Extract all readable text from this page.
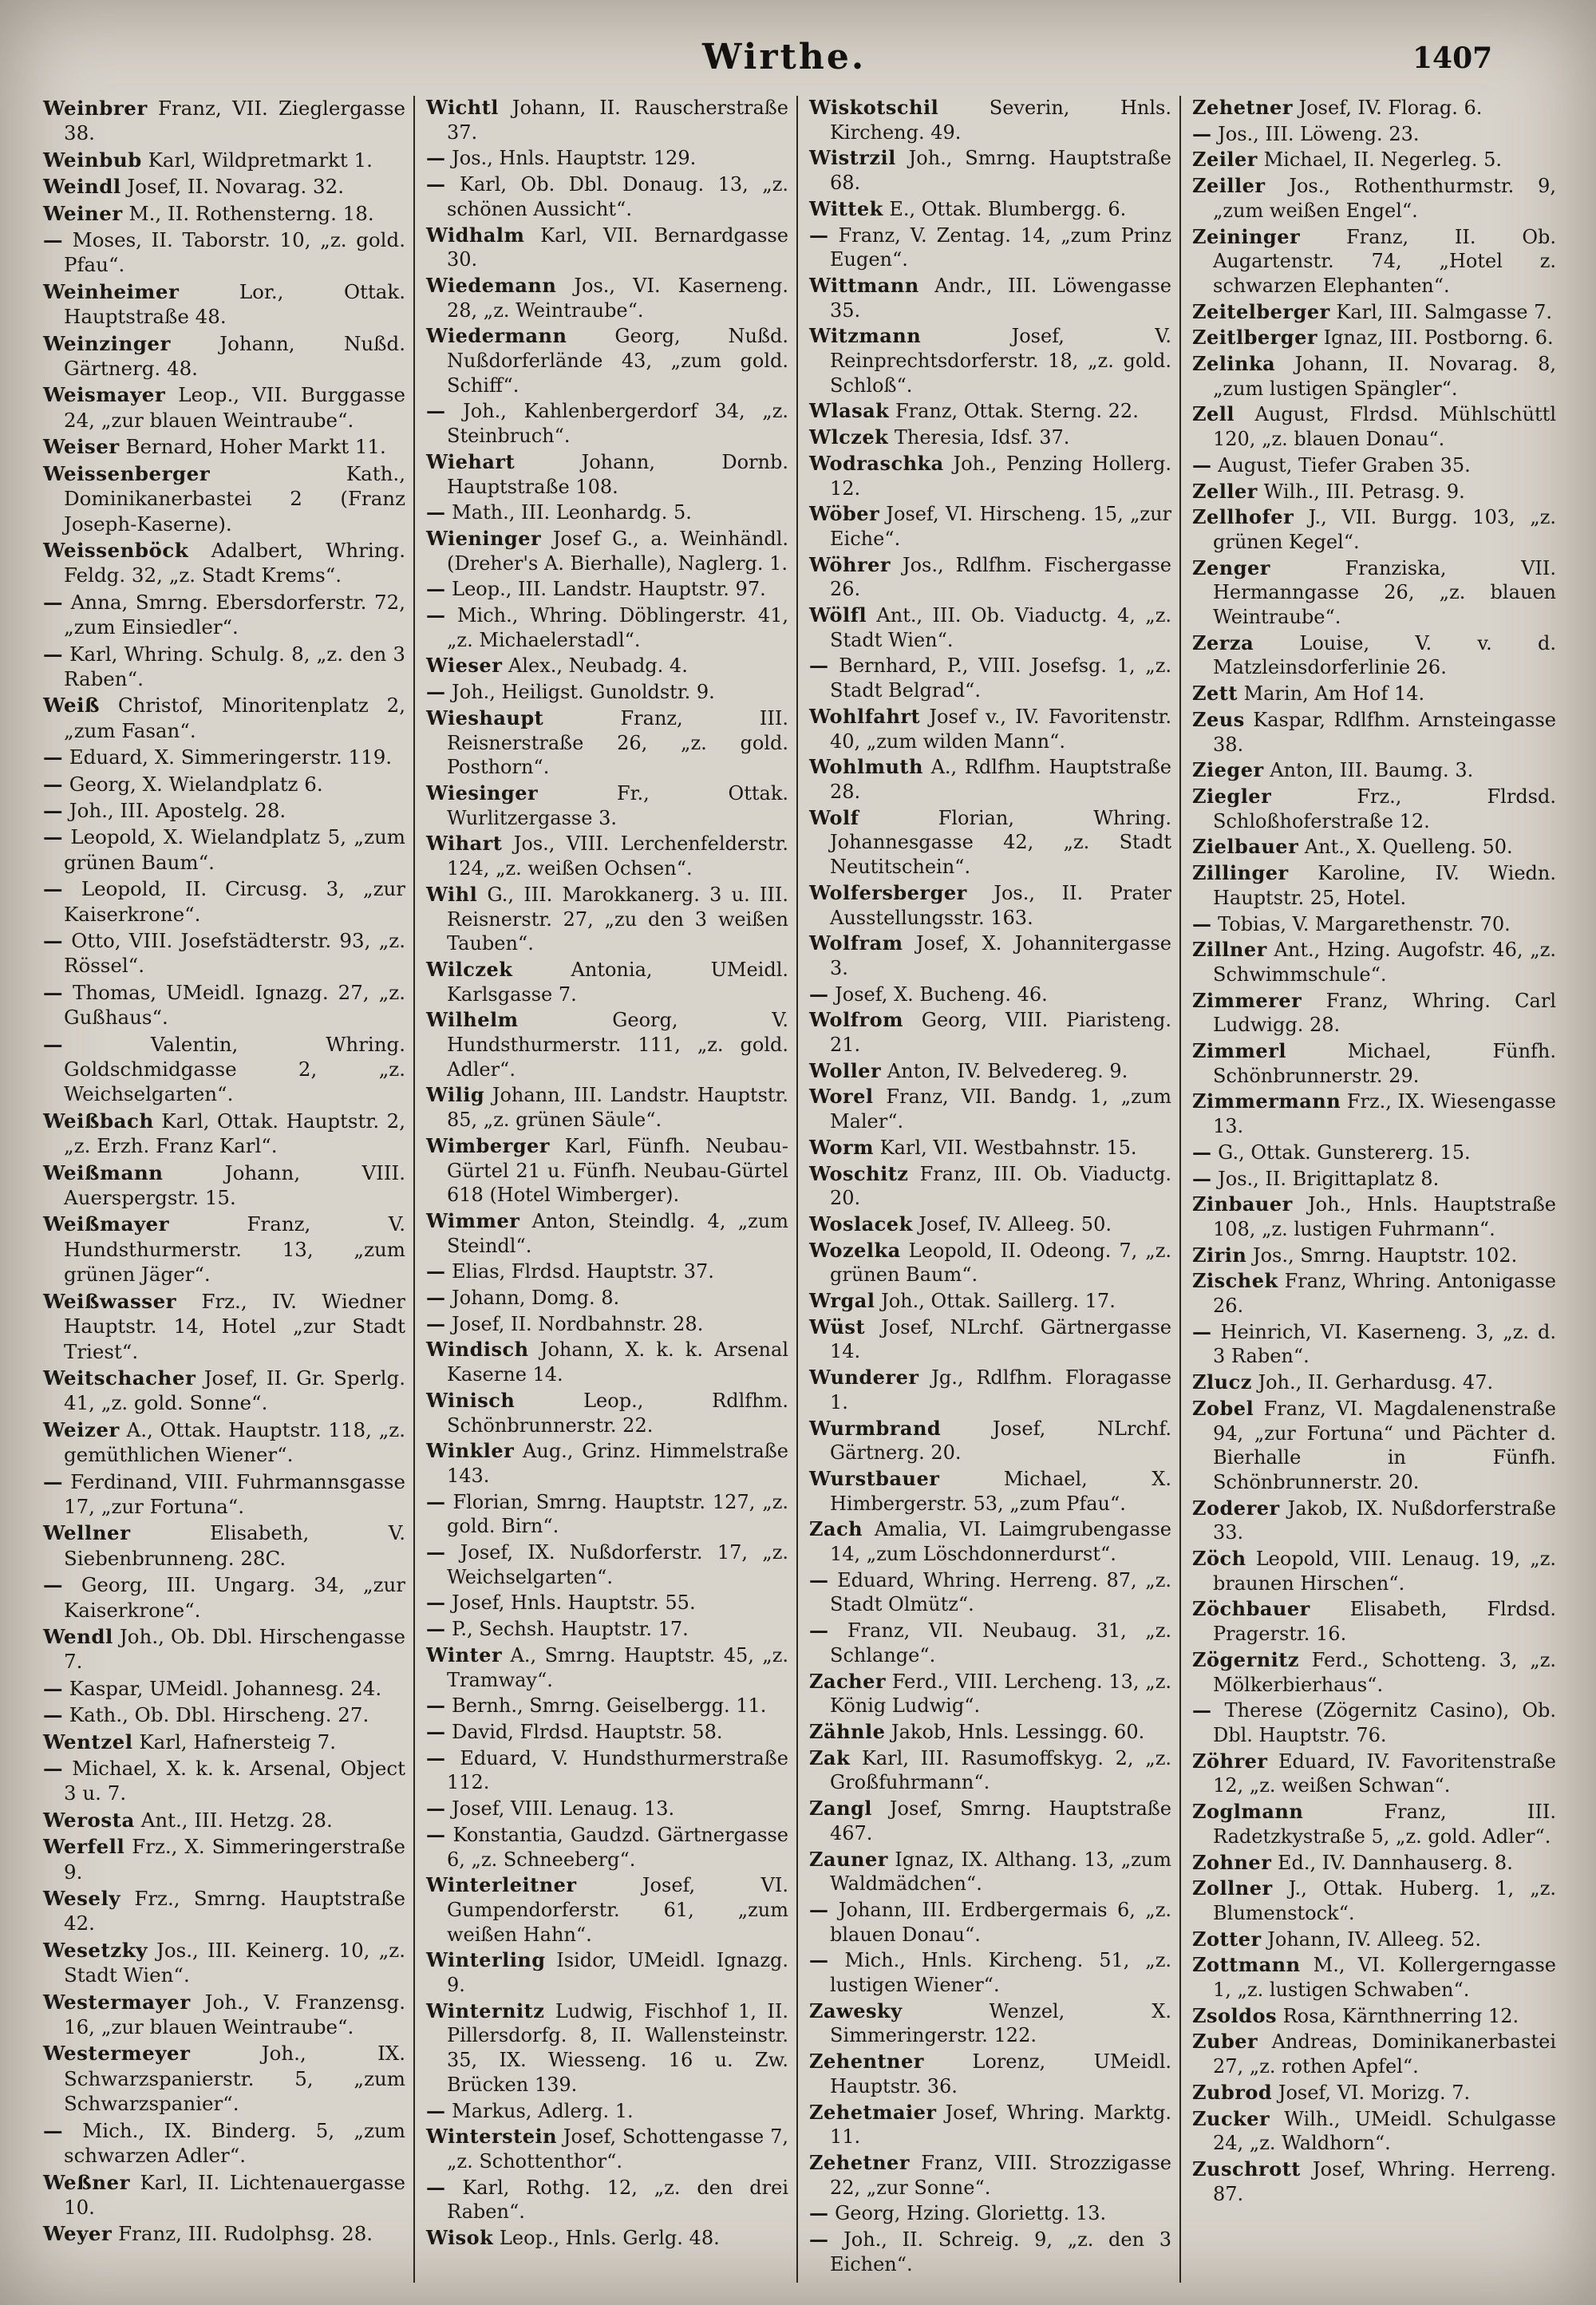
Wirthe.	1407
Weinbrer Franz, VII. Zieglergasse 38.
Weinbub Karl, Wildpretmarkt 1.
Weindl Josef, II. Novarag. 32.
Weiner M., II. Rothensterng. 18.
— Moses, II. Taborstr. 10, „z. gold. Pfau“.
Weinheimer Lor., Ottak. Hauptstraße 48.
Weinzinger Johann, Nußd. Gärtnerg. 48.
Weismayer Leop., VII. Burggasse 24, „zur blauen Weintraube“.
Weiser Bernard, Hoher Markt 11.
Weissenberger Kath., Dominikanerbastei 2 (Franz Joseph-Kaserne).
Weissenböck Adalbert, Whring. Feldg. 32, „z. Stadt Krems“.
— Anna, Smrng. Ebersdorferstr. 72, „zum Einsiedler“.
— Karl, Whring. Schulg. 8, „z. den 3 Raben“.
Weiß Christof, Minoritenplatz 2, „zum Fasan“.
— Eduard, X. Simmeringerstr. 119.
— Georg, X. Wielandplatz 6.
— Joh., III. Apostelg. 28.
— Leopold, X. Wielandplatz 5, „zum grünen Baum“.
— Leopold, II. Circusg. 3, „zur Kaiserkrone“.
— Otto, VIII. Josefstädterstr. 93, „z. Rössel“.
— Thomas, UMeidl. Ignazg. 27, „z. Gußhaus“.
— Valentin, Whring. Goldschmidgasse 2, „z. Weichselgarten“.
Weißbach Karl, Ottak. Hauptstr. 2, „z. Erzh. Franz Karl“.
Weißmann Johann, VIII. Auerspergstr. 15.
Weißmayer Franz, V. Hundsthurmerstr. 13, „zum grünen Jäger“.
Weißwasser Frz., IV. Wiedner Hauptstr. 14, Hotel „zur Stadt Triest“.
Weitschacher Josef, II. Gr. Sperlg. 41, „z. gold. Sonne“.
Weizer A., Ottak. Hauptstr. 118, „z. gemüthlichen Wiener“.
— Ferdinand, VIII. Fuhrmannsgasse 17, „zur Fortuna“.
Wellner Elisabeth, V. Siebenbrunneng. 28C.
— Georg, III. Ungarg. 34, „zur Kaiserkrone“.
Wendl Joh., Ob. Dbl. Hirschengasse 7.
— Kaspar, UMeidl. Johannesg. 24.
— Kath., Ob. Dbl. Hirscheng. 27.
Wentzel Karl, Hafnersteig 7.
— Michael, X. k. k. Arsenal, Object 3 u. 7.
Werosta Ant., III. Hetzg. 28.
Werfell Frz., X. Simmeringerstraße 9.
Wesely Frz., Smrng. Hauptstraße 42.
Wesetzky Jos., III. Keinerg. 10, „z. Stadt Wien“.
Westermayer Joh., V. Franzensg. 16, „zur blauen Weintraube“.
Westermeyer Joh., IX. Schwarzspanierstr. 5, „zum Schwarzspanier“.
— Mich., IX. Binderg. 5, „zum schwarzen Adler“.
Weßner Karl, II. Lichtenauergasse 10.
Weyer Franz, III. Rudolphsg. 28.
Wichtl Johann, II. Rauscherstraße 37.
— Jos., Hnls. Hauptstr. 129.
— Karl, Ob. Dbl. Donaug. 13, „z. schönen Aussicht“.
Widhalm Karl, VII. Bernardgasse 30.
Wiedemann Jos., VI. Kaserneng. 28, „z. Weintraube“.
Wiedermann Georg, Nußd. Nußdorferlände 43, „zum gold. Schiff“.
— Joh., Kahlenbergerdorf 34, „z. Steinbruch“.
Wiehart Johann, Dornb. Hauptstraße 108.
— Math., III. Leonhardg. 5.
Wieninger Josef G., a. Weinhändl. (Dreher's A. Bierhalle), Naglerg. 1.
— Leop., III. Landstr. Hauptstr. 97.
— Mich., Whring. Döblingerstr. 41, „z. Michaelerstadl“.
Wieser Alex., Neubadg. 4.
— Joh., Heiligst. Gunoldstr. 9.
Wieshaupt Franz, III. Reisnerstraße 26, „z. gold. Posthorn“.
Wiesinger Fr., Ottak. Wurlitzergasse 3.
Wihart Jos., VIII. Lerchenfelderstr. 124, „z. weißen Ochsen“.
Wihl G., III. Marokkanerg. 3 u. III. Reisnerstr. 27, „zu den 3 weißen Tauben“.
Wilczek Antonia, UMeidl. Karlsgasse 7.
Wilhelm Georg, V. Hundsthurmerstr. 111, „z. gold. Adler“.
Wilig Johann, III. Landstr. Hauptstr. 85, „z. grünen Säule“.
Wimberger Karl, Fünfh. Neubau-Gürtel 21 u. Fünfh. Neubau-Gürtel 618 (Hotel Wimberger).
Wimmer Anton, Steindlg. 4, „zum Steindl“.
— Elias, Flrdsd. Hauptstr. 37.
— Johann, Domg. 8.
— Josef, II. Nordbahnstr. 28.
Windisch Johann, X. k. k. Arsenal Kaserne 14.
Winisch Leop., Rdlfhm. Schönbrunnerstr. 22.
Winkler Aug., Grinz. Himmelstraße 143.
— Florian, Smrng. Hauptstr. 127, „z. gold. Birn“.
— Josef, IX. Nußdorferstr. 17, „z. Weichselgarten“.
— Josef, Hnls. Hauptstr. 55.
— P., Sechsh. Hauptstr. 17.
Winter A., Smrng. Hauptstr. 45, „z. Tramway“.
— Bernh., Smrng. Geiselbergg. 11.
— David, Flrdsd. Hauptstr. 58.
— Eduard, V. Hundsthurmerstraße 112.
— Josef, VIII. Lenaug. 13.
— Konstantia, Gaudzd. Gärtnergasse 6, „z. Schneeberg“.
Winterleitner Josef, VI. Gumpendorferstr. 61, „zum weißen Hahn“.
Winterling Isidor, UMeidl. Ignazg. 9.
Winternitz Ludwig, Fischhof 1, II. Pillersdorfg. 8, II. Wallensteinstr. 35, IX. Wiesseng. 16 u. Zw. Brücken 139.
— Markus, Adlerg. 1.
Winterstein Josef, Schottengasse 7, „z. Schottenthor“.
— Karl, Rothg. 12, „z. den drei Raben“.
Wisok Leop., Hnls. Gerlg. 48.
Wiskotschil Severin, Hnls. Kircheng. 49.
Wistrzil Joh., Smrng. Hauptstraße 68.
Wittek E., Ottak. Blumbergg. 6.
— Franz, V. Zentag. 14, „zum Prinz Eugen“.
Wittmann Andr., III. Löwengasse 35.
Witzmann Josef, V. Reinprechtsdorferstr. 18, „z. gold. Schloß“.
Wlasak Franz, Ottak. Sterng. 22.
Wlczek Theresia, Idsf. 37.
Wodraschka Joh., Penzing Hollerg. 12.
Wöber Josef, VI. Hirscheng. 15, „zur Eiche“.
Wöhrer Jos., Rdlfhm. Fischergasse 26.
Wölfl Ant., III. Ob. Viaductg. 4, „z. Stadt Wien“.
— Bernhard, P., VIII. Josefsg. 1, „z. Stadt Belgrad“.
Wohlfahrt Josef v., IV. Favoritenstr. 40, „zum wilden Mann“.
Wohlmuth A., Rdlfhm. Hauptstraße 28.
Wolf Florian, Whring. Johannesgasse 42, „z. Stadt Neutitschein“.
Wolfersberger Jos., II. Prater Ausstellungsstr. 163.
Wolfram Josef, X. Johannitergasse 3.
— Josef, X. Bucheng. 46.
Wolfrom Georg, VIII. Piaristeng. 21.
Woller Anton, IV. Belvedereg. 9.
Worel Franz, VII. Bandg. 1, „zum Maler“.
Worm Karl, VII. Westbahnstr. 15.
Woschitz Franz, III. Ob. Viaductg. 20.
Woslacek Josef, IV. Alleeg. 50.
Wozelka Leopold, II. Odeong. 7, „z. grünen Baum“.
Wrgal Joh., Ottak. Saillerg. 17.
Wüst Josef, NLrchf. Gärtnergasse 14.
Wunderer Jg., Rdlfhm. Floragasse 1.
Wurmbrand Josef, NLrchf. Gärtnerg. 20.
Wurstbauer Michael, X. Himbergerstr. 53, „zum Pfau“.
Zach Amalia, VI. Laimgrubengasse 14, „zum Löschdonnerdurst“.
— Eduard, Whring. Herreng. 87, „z. Stadt Olmütz“.
— Franz, VII. Neubaug. 31, „z. Schlange“.
Zacher Ferd., VIII. Lercheng. 13, „z. König Ludwig“.
Zähnle Jakob, Hnls. Lessingg. 60.
Zak Karl, III. Rasumoffskyg. 2, „z. Großfuhrmann“.
Zangl Josef, Smrng. Hauptstraße 467.
Zauner Ignaz, IX. Althang. 13, „zum Waldmädchen“.
— Johann, III. Erdbergermais 6, „z. blauen Donau“.
— Mich., Hnls. Kircheng. 51, „z. lustigen Wiener“.
Zawesky Wenzel, X. Simmeringerstr. 122.
Zehentner Lorenz, UMeidl. Hauptstr. 36.
Zehetmaier Josef, Whring. Marktg. 11.
Zehetner Franz, VIII. Strozzigasse 22, „zur Sonne“.
— Georg, Hzing. Gloriettg. 13.
— Joh., II. Schreig. 9, „z. den 3 Eichen“.
Zehetner Josef, IV. Florag. 6.
— Jos., III. Löweng. 23.
Zeiler Michael, II. Negerleg. 5.
Zeiller Jos., Rothenthurmstr. 9, „zum weißen Engel“.
Zeininger Franz, II. Ob. Augartenstr. 74, „Hotel z. schwarzen Elephanten“.
Zeitelberger Karl, III. Salmgasse 7.
Zeitlberger Ignaz, III. Postborng. 6.
Zelinka Johann, II. Novarag. 8, „zum lustigen Spängler“.
Zell August, Flrdsd. Mühlschüttl 120, „z. blauen Donau“.
— August, Tiefer Graben 35.
Zeller Wilh., III. Petrasg. 9.
Zellhofer J., VII. Burgg. 103, „z. grünen Kegel“.
Zenger Franziska, VII. Hermanngasse 26, „z. blauen Weintraube“.
Zerza Louise, V. v. d. Matzleinsdorferlinie 26.
Zett Marin, Am Hof 14.
Zeus Kaspar, Rdlfhm. Arnsteingasse 38.
Zieger Anton, III. Baumg. 3.
Ziegler Frz., Flrdsd. Schloßhoferstraße 12.
Zielbauer Ant., X. Quelleng. 50.
Zillinger Karoline, IV. Wiedn. Hauptstr. 25, Hotel.
— Tobias, V. Margarethenstr. 70.
Zillner Ant., Hzing. Augofstr. 46, „z. Schwimmschule“.
Zimmerer Franz, Whring. Carl Ludwigg. 28.
Zimmerl Michael, Fünfh. Schönbrunnerstr. 29.
Zimmermann Frz., IX. Wiesengasse 13.
— G., Ottak. Gunstererg. 15.
— Jos., II. Brigittaplatz 8.
Zinbauer Joh., Hnls. Hauptstraße 108, „z. lustigen Fuhrmann“.
Zirin Jos., Smrng. Hauptstr. 102.
Zischek Franz, Whring. Antonigasse 26.
— Heinrich, VI. Kaserneng. 3, „z. d. 3 Raben“.
Zlucz Joh., II. Gerhardusg. 47.
Zobel Franz, VI. Magdalenenstraße 94, „zur Fortuna“ und Pächter d. Bierhalle in Fünfh. Schönbrunnerstr. 20.
Zoderer Jakob, IX. Nußdorferstraße 33.
Zöch Leopold, VIII. Lenaug. 19, „z. braunen Hirschen“.
Zöchbauer Elisabeth, Flrdsd. Pragerstr. 16.
Zögernitz Ferd., Schotteng. 3, „z. Mölkerbierhaus“.
— Therese (Zögernitz Casino), Ob. Dbl. Hauptstr. 76.
Zöhrer Eduard, IV. Favoritenstraße 12, „z. weißen Schwan“.
Zoglmann Franz, III. Radetzkystraße 5, „z. gold. Adler“.
Zohner Ed., IV. Dannhauserg. 8.
Zollner J., Ottak. Huberg. 1, „z. Blumenstock“.
Zotter Johann, IV. Alleeg. 52.
Zottmann M., VI. Kollergerngasse 1, „z. lustigen Schwaben“.
Zsoldos Rosa, Kärnthnerring 12.
Zuber Andreas, Dominikanerbastei 27, „z. rothen Apfel“.
Zubrod Josef, VI. Morizg. 7.
Zucker Wilh., UMeidl. Schulgasse 24, „z. Waldhorn“.
Zuschrott Josef, Whring. Herreng. 87.
